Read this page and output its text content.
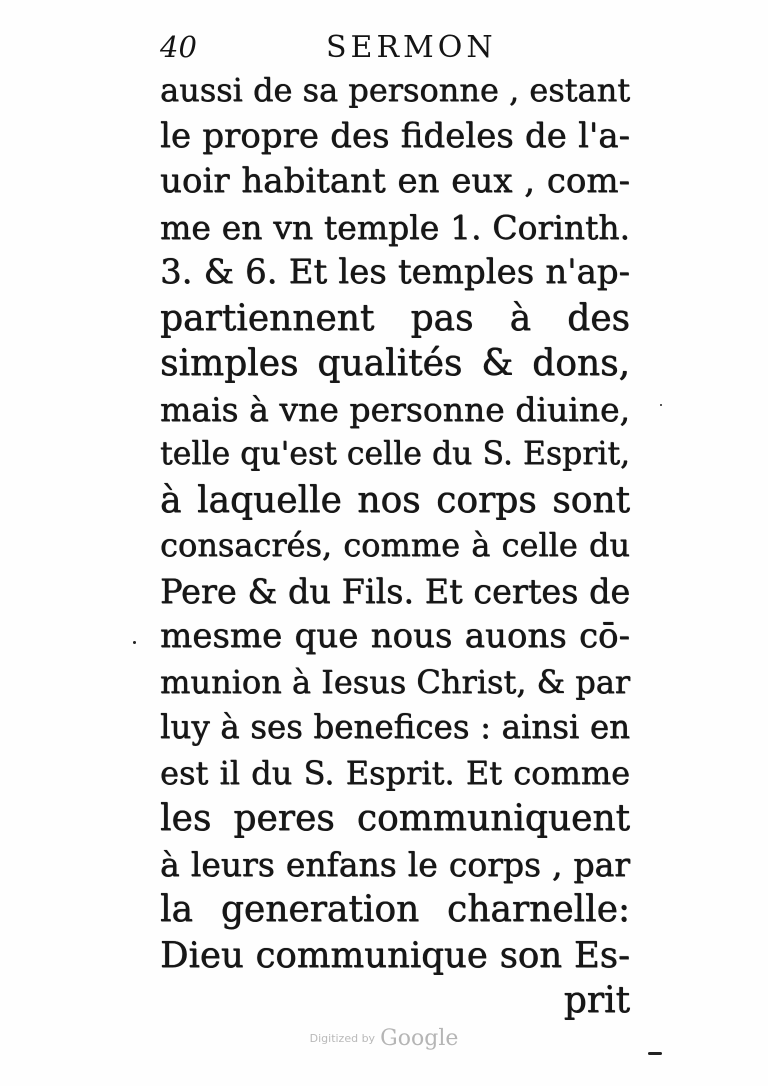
40	SERMON
aussi de sa personne , estant
le propre des fideles de l'a-
uoir habitant en eux , com-
me en vn temple 1. Corinth.
3. & 6. Et les temples n'ap-
partiennent pas à des
simples qualités & dons,
mais à vne personne diuine,
telle qu'est celle du S. Esprit,
à laquelle nos corps sont
consacrés, comme à celle du
Pere & du Fils. Et certes de
mesme que nous auons cō-
munion à Iesus Christ, & par
luy à ses benefices : ainsi en
est il du S. Esprit. Et comme
les peres communiquent
à leurs enfans le corps , par
la generation charnelle:
Dieu communique son Es-
prit
Digitized by Google
